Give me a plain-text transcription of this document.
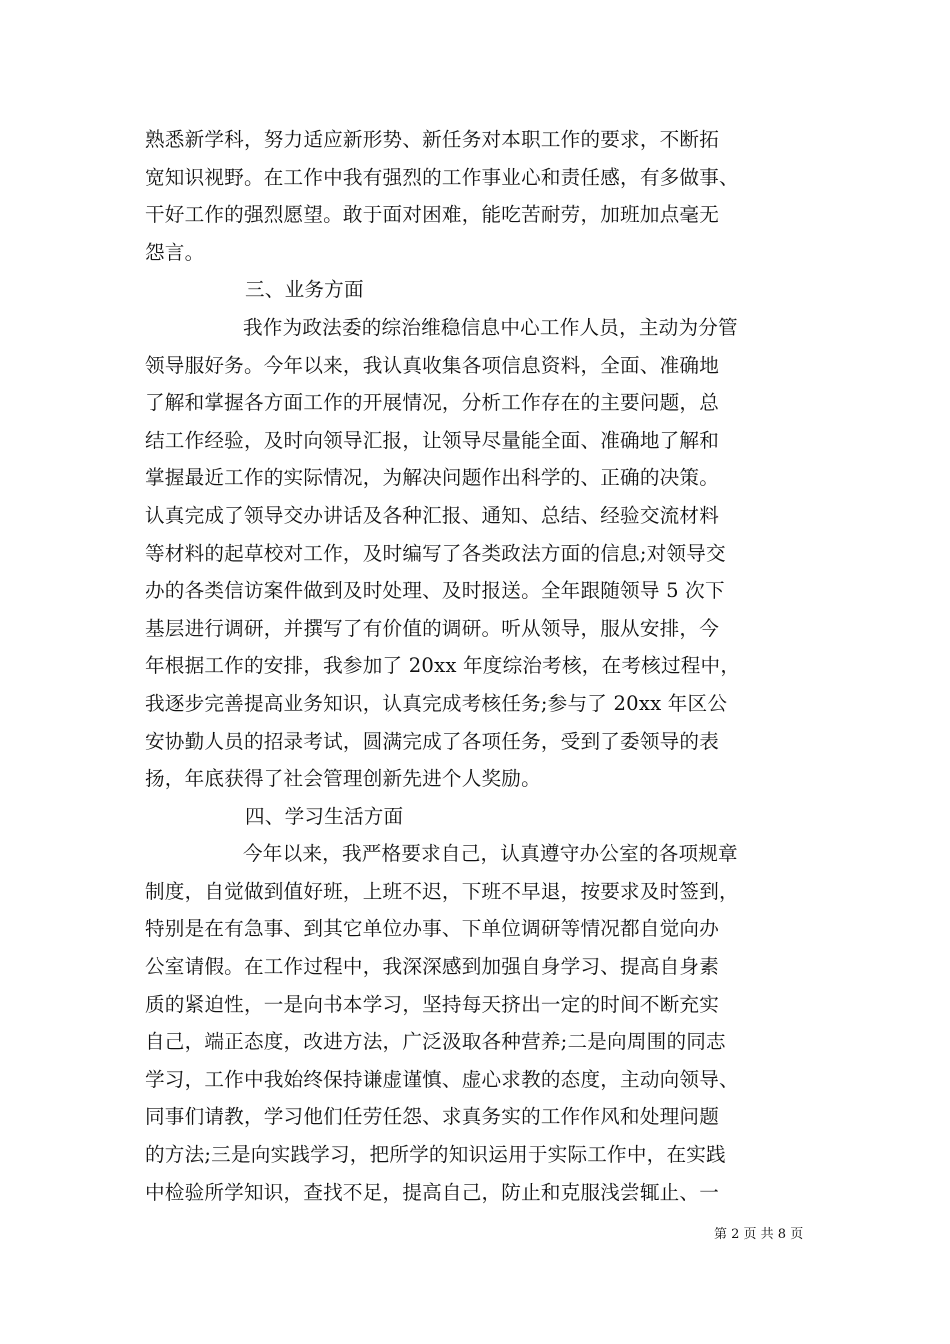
熟悉新学科，努力适应新形势、新任务对本职工作的要求，不断拓
宽知识视野。在工作中我有强烈的工作事业心和责任感，有多做事、
干好工作的强烈愿望。敢于面对困难，能吃苦耐劳，加班加点毫无
怨言。
三、业务方面
我作为政法委的综治维稳信息中心工作人员，主动为分管
领导服好务。今年以来，我认真收集各项信息资料，全面、准确地
了解和掌握各方面工作的开展情况，分析工作存在的主要问题，总
结工作经验，及时向领导汇报，让领导尽量能全面、准确地了解和
掌握最近工作的实际情况，为解决问题作出科学的、正确的决策。
认真完成了领导交办讲话及各种汇报、通知、总结、经验交流材料
等材料的起草校对工作，及时编写了各类政法方面的信息;对领导交
办的各类信访案件做到及时处理、及时报送。全年跟随领导 5 次下
基层进行调研，并撰写了有价值的调研。听从领导，服从安排，今
年根据工作的安排，我参加了 20xx 年度综治考核，在考核过程中，
我逐步完善提高业务知识，认真完成考核任务;参与了 20xx 年区公
安协勤人员的招录考试，圆满完成了各项任务，受到了委领导的表
扬，年底获得了社会管理创新先进个人奖励。
四、学习生活方面
今年以来，我严格要求自己，认真遵守办公室的各项规章
制度，自觉做到值好班，上班不迟，下班不早退，按要求及时签到，
特别是在有急事、到其它单位办事、下单位调研等情况都自觉向办
公室请假。在工作过程中，我深深感到加强自身学习、提高自身素
质的紧迫性，一是向书本学习，坚持每天挤出一定的时间不断充实
自己，端正态度，改进方法，广泛汲取各种营养;二是向周围的同志
学习，工作中我始终保持谦虚谨慎、虚心求教的态度，主动向领导、
同事们请教，学习他们任劳任怨、求真务实的工作作风和处理问题
的方法;三是向实践学习，把所学的知识运用于实际工作中，在实践
中检验所学知识，查找不足，提高自己，防止和克服浅尝辄止、一
第 2 页 共 8 页
